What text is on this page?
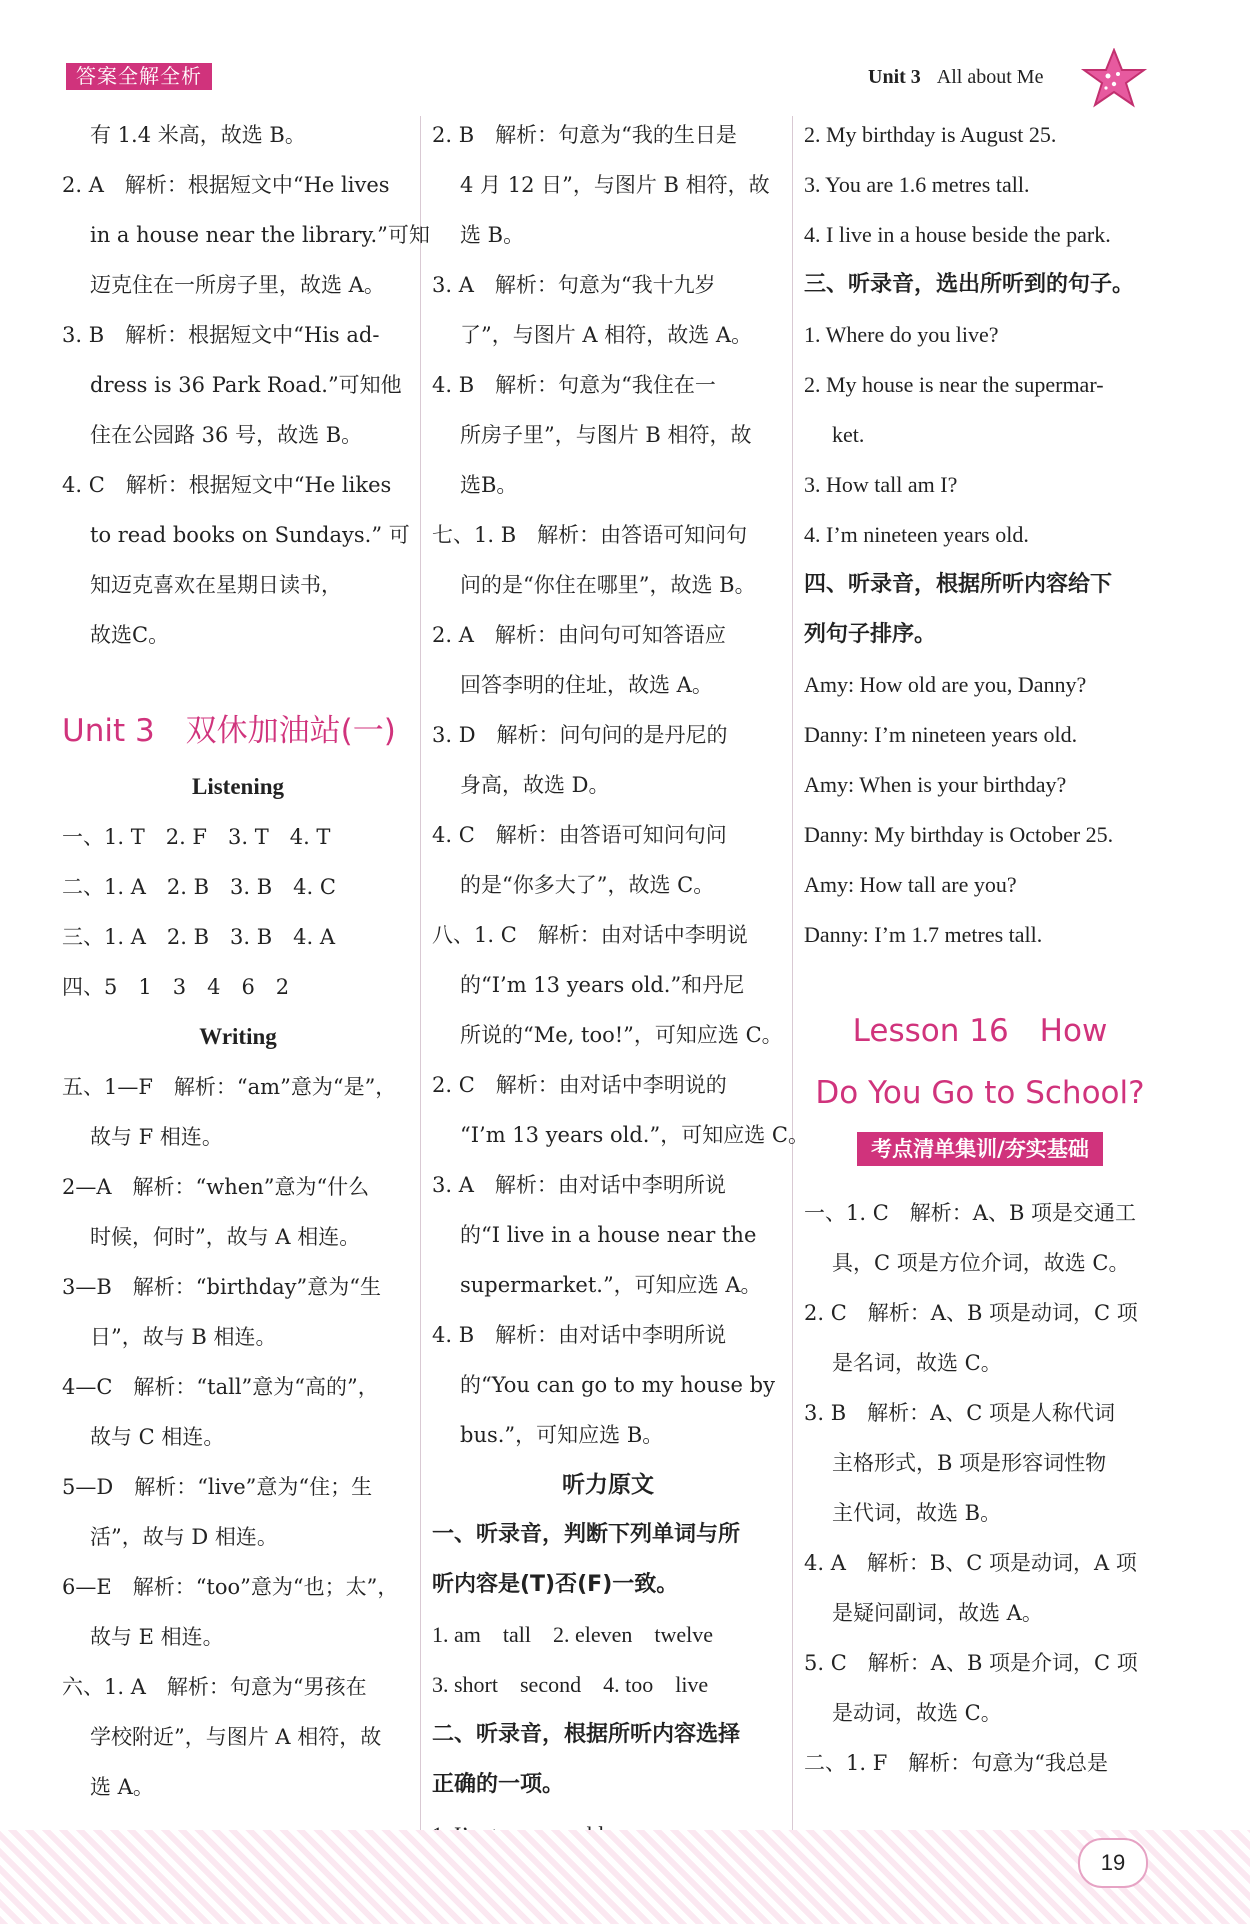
答案全解全析	Unit 3 All about Me
有 1.4 米高，故选 B。
2. A　解析：根据短文中“He lives
in a house near the library.”可知
迈克住在一所房子里，故选 A。
3. B　解析：根据短文中“His ad-
dress is 36 Park Road.”可知他
住在公园路 36 号，故选 B。
4. C　解析：根据短文中“He likes
to read books on Sundays.” 可
知迈克喜欢在星期日读书，
故选C。
Unit 3　双休加油站(一)
Listening
一、1. T　2. F　3. T　4. T
二、1. A　2. B　3. B　4. C
三、1. A　2. B　3. B　4. A
四、5　1　3　4　6　2
Writing
五、1—F　解析：“am”意为“是”，
故与 F 相连。
2—A　解析：“when”意为“什么
时候，何时”，故与 A 相连。
3—B　解析：“birthday”意为“生
日”，故与 B 相连。
4—C　解析：“tall”意为“高的”，
故与 C 相连。
5—D　解析：“live”意为“住；生
活”，故与 D 相连。
6—E　解析：“too”意为“也；太”，
故与 E 相连。
六、1. A　解析：句意为“男孩在
学校附近”，与图片 A 相符，故
选 A。
2. B　解析：句意为“我的生日是
4 月 12 日”，与图片 B 相符，故
选 B。
3. A　解析：句意为“我十九岁
了”，与图片 A 相符，故选 A。
4. B　解析：句意为“我住在一
所房子里”，与图片 B 相符，故
选B。
七、1. B　解析：由答语可知问句
问的是“你住在哪里”，故选 B。
2. A　解析：由问句可知答语应
回答李明的住址，故选 A。
3. D　解析：问句问的是丹尼的
身高，故选 D。
4. C　解析：由答语可知问句问
的是“你多大了”，故选 C。
八、1. C　解析：由对话中李明说
的“I’m 13 years old.”和丹尼
所说的“Me, too!”，可知应选 C。
2. C　解析：由对话中李明说的
“I’m 13 years old.”，可知应选 C。
3. A　解析：由对话中李明所说
的“I live in a house near the
supermarket.”，可知应选 A。
4. B　解析：由对话中李明所说
的“You can go to my house by
bus.”，可知应选 B。
听力原文
一、听录音，判断下列单词与所
听内容是(T)否(F)一致。
1. am　tall　2. eleven　twelve
3. short　second　4. too　live
二、听录音，根据所听内容选择
正确的一项。
2. My birthday is August 25.
3. You are 1.6 metres tall.
4. I live in a house beside the park.
三、听录音，选出所听到的句子。
1. Where do you live?
2. My house is near the supermar-
ket.
3. How tall am I?
4. I’m nineteen years old.
四、听录音，根据所听内容给下
列句子排序。
Amy: How old are you, Danny?
Danny: I’m nineteen years old.
Amy: When is your birthday?
Danny: My birthday is October 25.
Amy: How tall are you?
Danny: I’m 1.7 metres tall.
Lesson 16　How
Do You Go to School?
考点清单集训/夯实基础
一、1. C　解析：A、B 项是交通工
具，C 项是方位介词，故选 C。
2. C　解析：A、B 项是动词，C 项
是名词，故选 C。
3. B　解析：A、C 项是人称代词
主格形式，B 项是形容词性物
主代词，故选 B。
4. A　解析：B、C 项是动词，A 项
是疑问副词，故选 A。
5. C　解析：A、B 项是介词，C 项
是动词，故选 C。
二、1. F　解析：句意为“我总是
19
